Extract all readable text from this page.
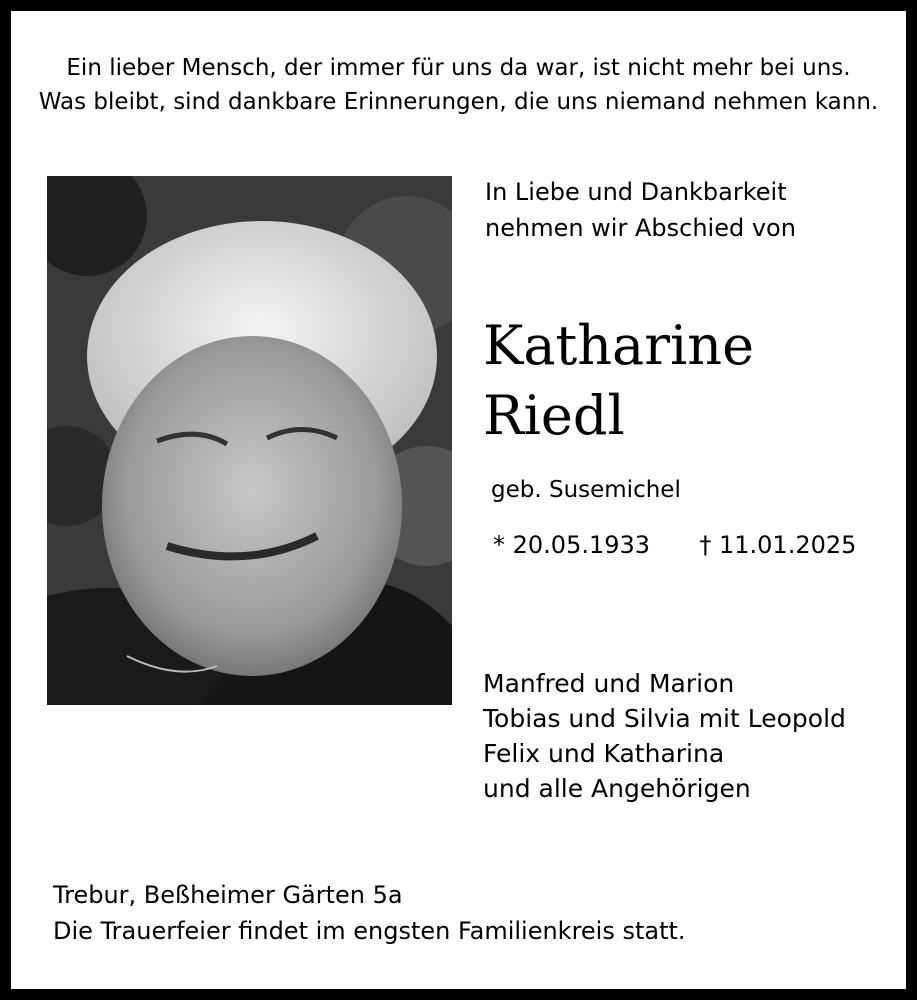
Ein lieber Mensch, der immer für uns da war, ist nicht mehr bei uns.
Was bleibt, sind dankbare Erinnerungen, die uns niemand nehmen kann.
In Liebe und Dankbarkeit
nehmen wir Abschied von
Katharine
Riedl
geb. Susemichel
* 20.05.1933 † 11.01.2025
Manfred und Marion
Tobias und Silvia mit Leopold
Felix und Katharina
und alle Angehörigen
Trebur, Beßheimer Gärten 5a
Die Trauerfeier findet im engsten Familienkreis statt.
